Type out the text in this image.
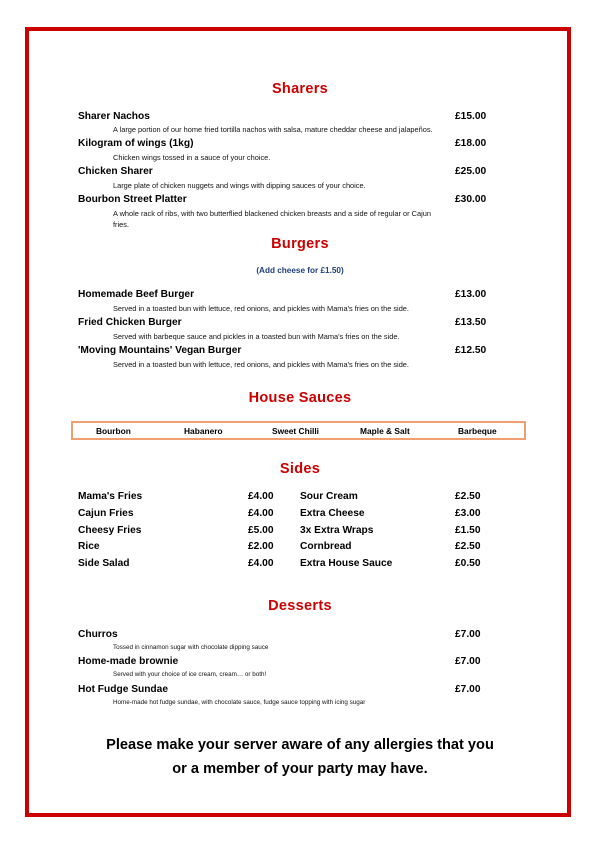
Sharers
Sharer Nachos	£15.00
A large portion of our home fried tortilla nachos with salsa, mature cheddar cheese and jalapeños.
Kilogram of wings (1kg)	£18.00
Chicken wings tossed in a sauce of your choice.
Chicken Sharer	£25.00
Large plate of chicken nuggets and wings with dipping sauces of your choice.
Bourbon Street Platter	£30.00
A whole rack of ribs, with two butterflied blackened chicken breasts and a side of regular or Cajun
fries.
Burgers
(Add cheese for £1.50)
Homemade Beef Burger	£13.00
Served in a toasted bun with lettuce, red onions, and pickles with Mama's fries on the side.
Fried Chicken Burger	£13.50
Served with barbeque sauce and pickles in a toasted bun with Mama's fries on the side.
'Moving Mountains' Vegan Burger	£12.50
Served in a toasted bun with lettuce, red onions, and pickles with Mama's fries on the side.
House Sauces
Bourbon	Habanero	Sweet Chilli	Maple & Salt	Barbeque
Sides
Mama's Fries	£4.00	Sour Cream	£2.50
Cajun Fries	£4.00	Extra Cheese	£3.00
Cheesy Fries	£5.00	3x Extra Wraps	£1.50
Rice	£2.00	Cornbread	£2.50
Side Salad	£4.00	Extra House Sauce	£0.50
Desserts
Churros	£7.00
Tossed in cinnamon sugar with chocolate dipping sauce
Home-made brownie	£7.00
Served with your choice of ice cream, cream… or both!
Hot Fudge Sundae	£7.00
Home-made hot fudge sundae, with chocolate sauce, fudge sauce topping with icing sugar
Please make your server aware of any allergies that you
or a member of your party may have.
